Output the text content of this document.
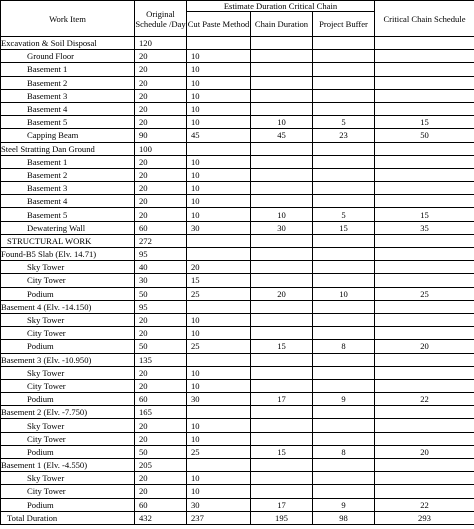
Work Item	Original Schedule /Day	Estimate Duration Critical Chain			Critical Chain Schedule
		Cut Paste Method	Chain Duration	Project Buffer	
Excavation & Soil Disposal	120				
Ground Floor	20	10			
Basement 1	20	10			
Basement 2	20	10			
Basement 3	20	10			
Basement 4	20	10			
Basement 5	20	10	10	5	15
Capping Beam	90	45	45	23	50
Steel Stratting Dan Ground	100				
Basement 1	20	10			
Basement 2	20	10			
Basement 3	20	10			
Basement 4	20	10			
Basement 5	20	10	10	5	15
Dewatering Wall	60	30	30	15	35
STRUCTURAL WORK	272				
Found-B5 Slab (Elv. 14.71)	95				
Sky Tower	40	20			
City Tower	30	15			
Podium	50	25	20	10	25
Basement 4 (Elv. -14.150)	95				
Sky Tower	20	10			
City Tower	20	10			
Podium	50	25	15	8	20
Basement 3 (Elv. -10.950)	135				
Sky Tower	20	10			
City Tower	20	10			
Podium	60	30	17	9	22
Basement 2 (Elv. -7.750)	165				
Sky Tower	20	10			
City Tower	20	10			
Podium	50	25	15	8	20
Basement 1 (Elv. -4.550)	205				
Sky Tower	20	10			
City Tower	20	10			
Podium	60	30	17	9	22
Total Duration	432	237	195	98	293
